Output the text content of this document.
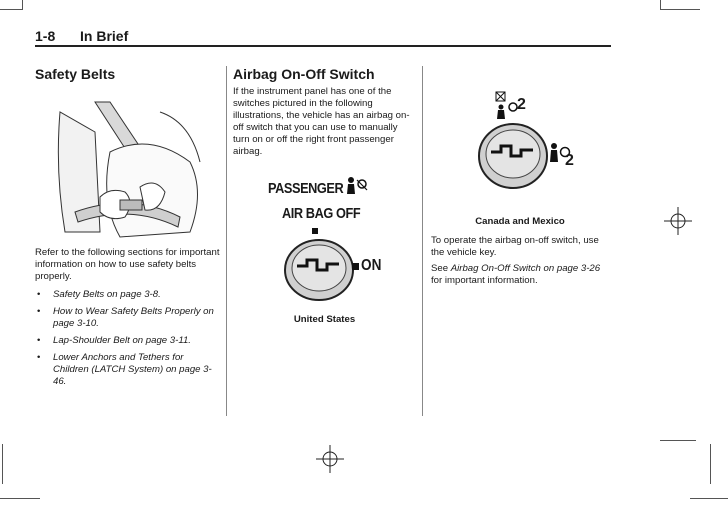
1-8 In Brief
Safety Belts

Refer to the following sections for important information on how to use safety belts properly.

• Safety Belts on page 3-8.
• How to Wear Safety Belts Properly on page 3-10.
• Lap-Shoulder Belt on page 3-11.
• Lower Anchors and Tethers for Children (LATCH System) on page 3-46.
Airbag On-Off Switch

If the instrument panel has one of the switches pictured in the following illustrations, the vehicle has an airbag on-off switch that you can use to manually turn on or off the right front passenger airbag.

PASSENGER
AIR BAG OFF
ON
United States
2
2
Canada and Mexico

To operate the airbag on-off switch, use the vehicle key.

See Airbag On-Off Switch on page 3-26 for important information.
